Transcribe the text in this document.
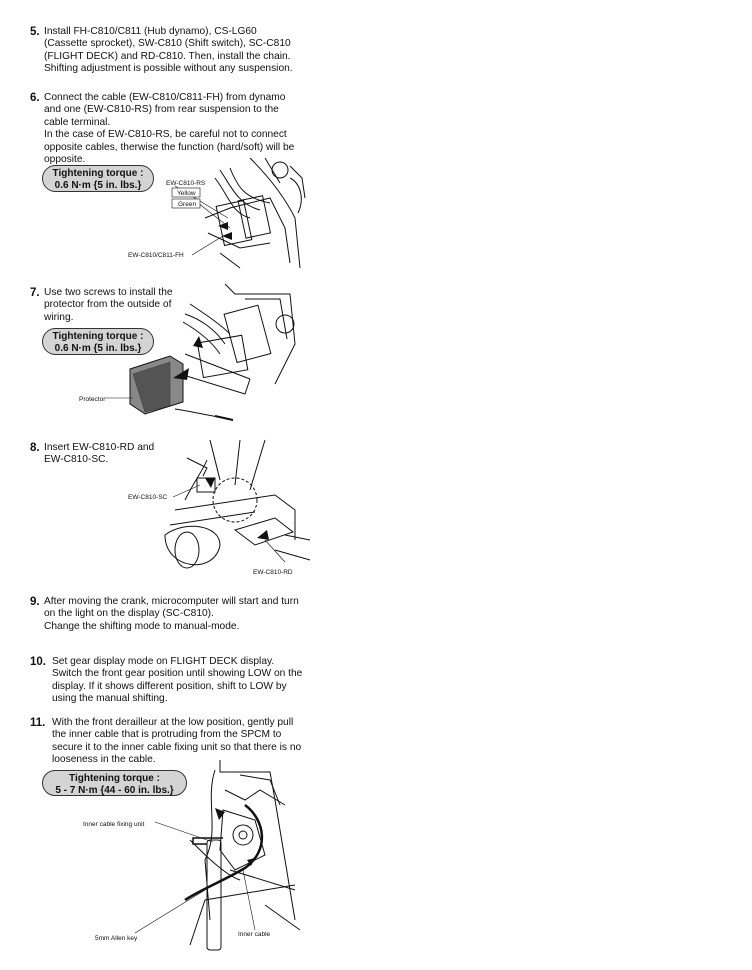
5. Install FH-C810/C811 (Hub dynamo), CS-LG60
(Cassette sprocket), SW-C810 (Shift switch), SC-C810
(FLIGHT DECK) and RD-C810. Then, install the chain.
Shifting adjustment is possible without any suspension.
6. Connect the cable (EW-C810/C811-FH) from dynamo
and one (EW-C810-RS) from rear suspension to the
cable terminal.
In the case of EW-C810-RS, be careful not to connect
opposite cables, therwise the function (hard/soft) will be
opposite.
Tightening torque :
0.6 N·m {5 in. lbs.}	EW-C810-RS
Yellow
Green
EW-C810/C811-FH
7. Use two screws to install the
protector from the outside of
wiring.
Tightening torque :
0.6 N·m {5 in. lbs.}
Protector
8. Insert EW-C810-RD and
EW-C810-SC.
EW-C810-SC
EW-C810-RD
9. After moving the crank, microcomputer will start and turn
on the light on the display (SC-C810).
Change the shifting mode to manual-mode.
10. Set gear display mode on FLIGHT DECK display.
Switch the front gear position until showing LOW on the
display. If it shows different position, shift to LOW by
using the manual shifting.
11. With the front derailleur at the low position, gently pull
the inner cable that is protruding from the SPCM to
secure it to the inner cable fixing unit so that there is no
looseness in the cable.
Tightening torque :
5 - 7 N·m {44 - 60 in. lbs.}
Inner cable fixing unit
5mm Allen key
Inner cable
